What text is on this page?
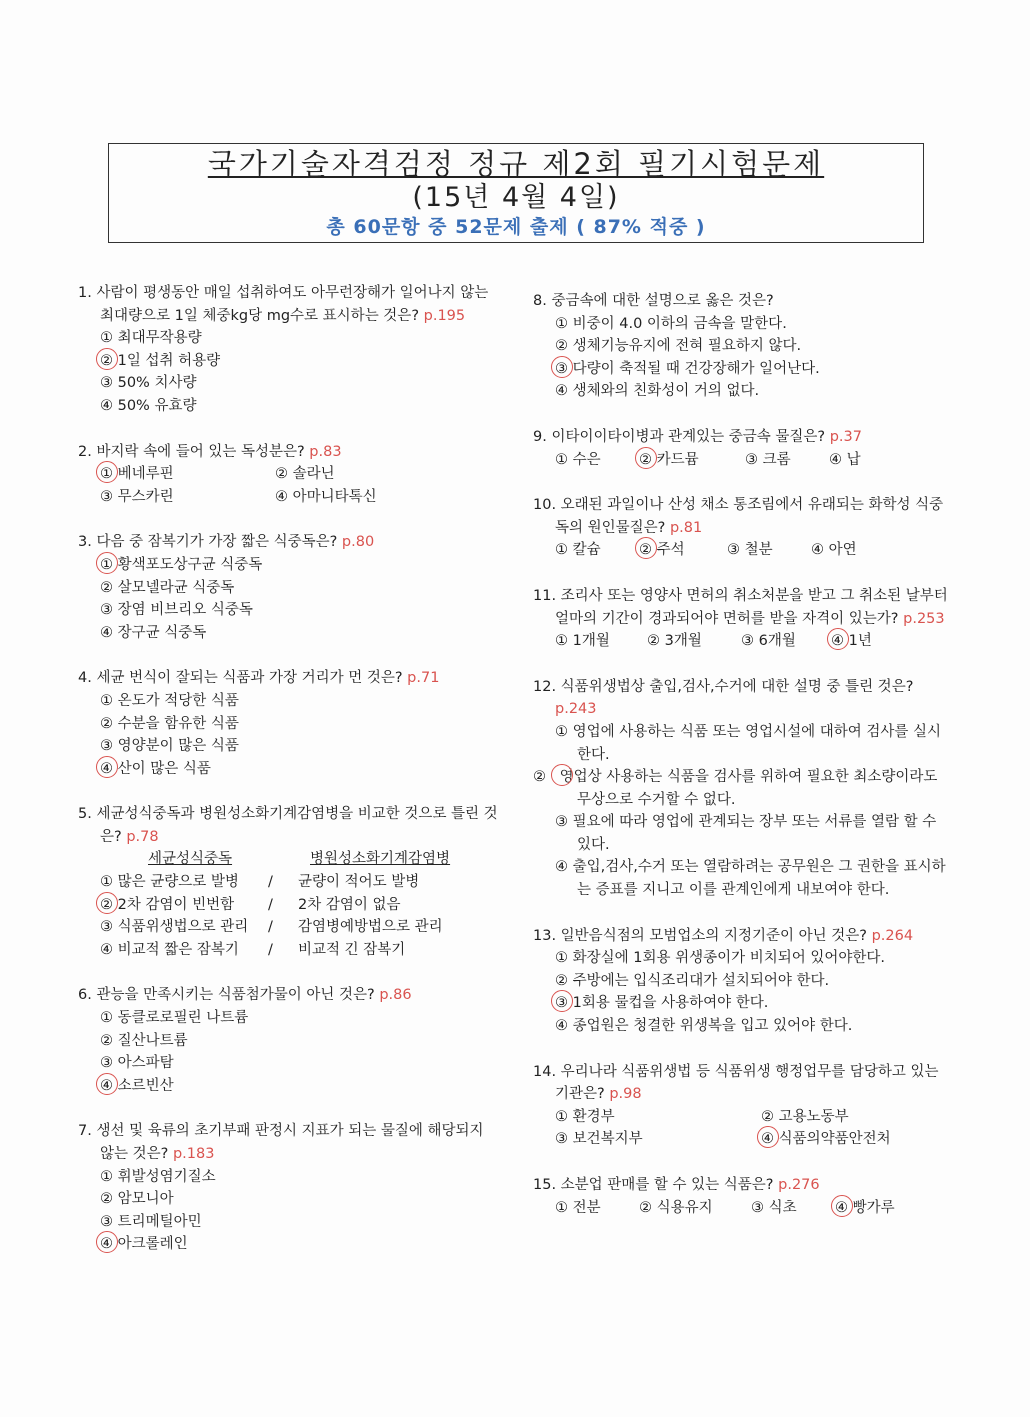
국가기술자격검정 정규 제2회 필기시험문제
(15년 4월 4일)
총 60문항 중 52문제 출제 ( 87% 적중 )
1. 사람이 평생동안 매일 섭취하여도 아무런장해가 일어나지 않는 최대량으로 1일 체중kg당 mg수로 표시하는 것은? p.195
① 최대무작용량
② 1일 섭취 허용량
③ 50% 치사량
④ 50% 유효량
2. 바지락 속에 들어 있는 독성분은? p.83
① 베네루핀	② 솔라닌
③ 무스카린	④ 아마니타톡신
3. 다음 중 잠복기가 가장 짧은 식중독은? p.80
① 황색포도상구균 식중독
② 살모넬라균 식중독
③ 장염 비브리오 식중독
④ 장구균 식중독
4. 세균 번식이 잘되는 식품과 가장 거리가 먼 것은? p.71
① 온도가 적당한 식품
② 수분을 함유한 식품
③ 영양분이 많은 식품
④ 산이 많은 식품
5. 세균성식중독과 병원성소화기계감염병을 비교한 것으로 틀린 것은? p.78
세균성식중독	병원성소화기계감염병
① 많은 균량으로 발병	/	균량이 적어도 발병
② 2차 감염이 빈번함	/	2차 감염이 없음
③ 식품위생법으로 관리	/	감염병예방법으로 관리
④ 비교적 짧은 잠복기	/	비교적 긴 잠복기
6. 관능을 만족시키는 식품첨가물이 아닌 것은? p.86
① 동클로로필린 나트륨
② 질산나트륨
③ 아스파탐
④ 소르빈산
7. 생선 및 육류의 초기부패 판정시 지표가 되는 물질에 해당되지 않는 것은? p.183
① 휘발성염기질소
② 암모니아
③ 트리메틸아민
④ 아크롤레인
8. 중금속에 대한 설명으로 옳은 것은?
① 비중이 4.0 이하의 금속을 말한다.
② 생체기능유지에 전혀 필요하지 않다.
③ 다량이 축적될 때 건강장해가 일어난다.
④ 생체와의 친화성이 거의 없다.
9. 이타이이타이병과 관계있는 중금속 물질은? p.37
① 수은	② 카드뮴	③ 크롬	④ 납
10. 오래된 과일이나 산성 채소 통조림에서 유래되는 화학성 식중독의 원인물질은? p.81
① 칼슘	② 주석	③ 철분	④ 아연
11. 조리사 또는 영양사 면허의 취소처분을 받고 그 취소된 날부터 얼마의 기간이 경과되어야 면허를 받을 자격이 있는가? p.253
① 1개월	② 3개월	③ 6개월	④ 1년
12. 식품위생법상 출입,검사,수거에 대한 설명 중 틀린 것은? p.243
① 영업에 사용하는 식품 또는 영업시설에 대하여 검사를 실시한다.
② 영업상 사용하는 식품을 검사를 위하여 필요한 최소량이라도 무상으로 수거할 수 없다.
③ 필요에 따라 영업에 관계되는 장부 또는 서류를 열람 할 수 있다.
④ 출입,검사,수거 또는 열람하려는 공무원은 그 권한을 표시하는 증표를 지니고 이를 관계인에게 내보여야 한다.
13. 일반음식점의 모범업소의 지정기준이 아닌 것은? p.264
① 화장실에 1회용 위생종이가 비치되어 있어야한다.
② 주방에는 입식조리대가 설치되어야 한다.
③ 1회용 물컵을 사용하여야 한다.
④ 종업원은 청결한 위생복을 입고 있어야 한다.
14. 우리나라 식품위생법 등 식품위생 행정업무를 담당하고 있는 기관은? p.98
① 환경부	② 고용노동부
③ 보건복지부	④ 식품의약품안전처
15. 소분업 판매를 할 수 있는 식품은? p.276
① 전분	② 식용유지	③ 식초	④ 빵가루
